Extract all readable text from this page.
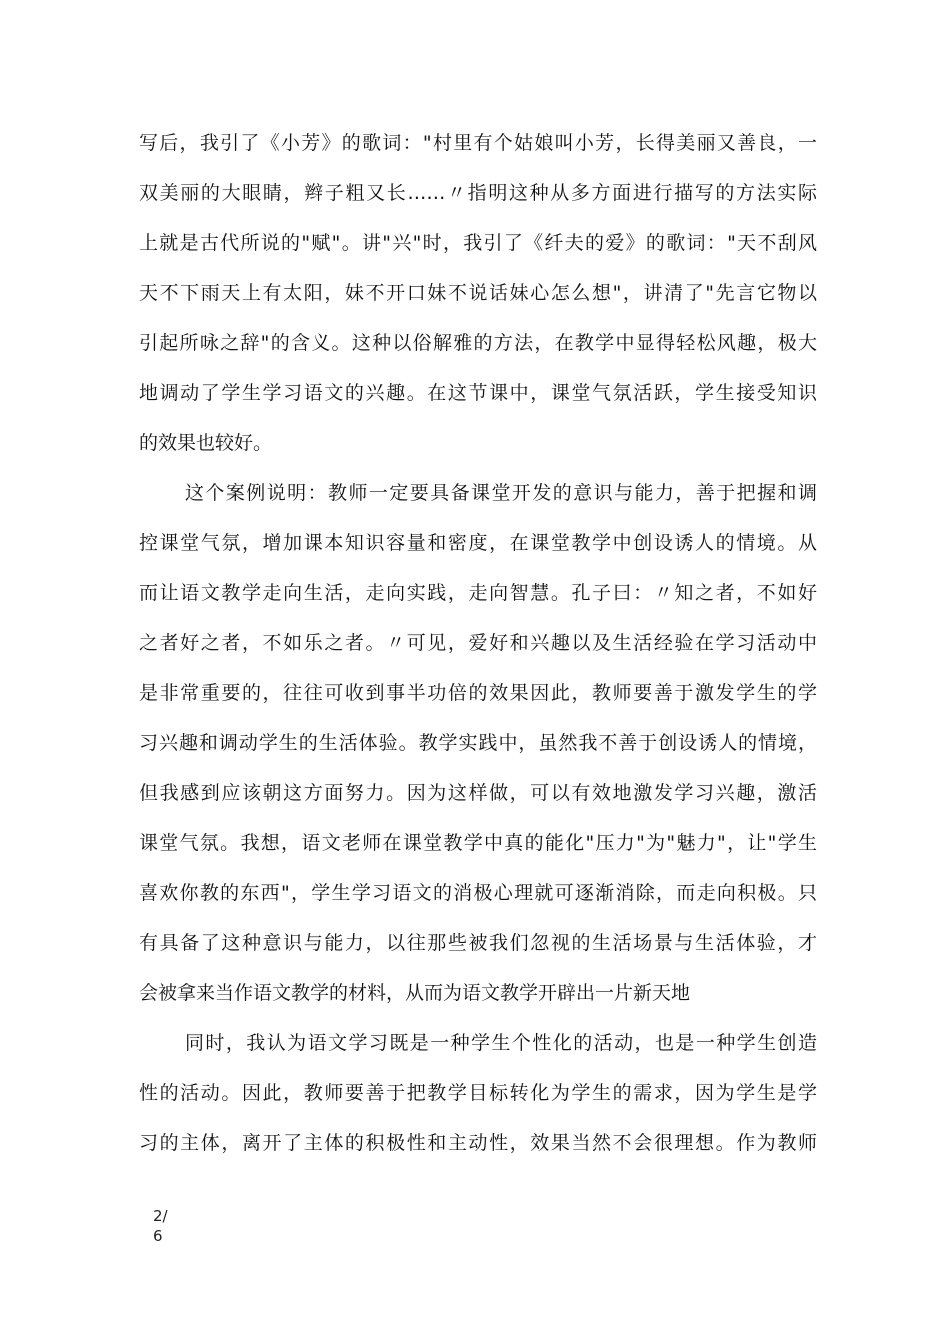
写后，我引了《小芳》的歌词："村里有个姑娘叫小芳，长得美丽又善良，一
双美丽的大眼睛，辫子粗又长……〃指明这种从多方面进行描写的方法实际
上就是古代所说的"赋"。讲"兴"时，我引了《纤夫的爱》的歌词："天不刮风
天不下雨天上有太阳，妹不开口妹不说话妹心怎么想"，讲清了"先言它物以
引起所咏之辞"的含义。这种以俗解雅的方法，在教学中显得轻松风趣，极大
地调动了学生学习语文的兴趣。在这节课中，课堂气氛活跃，学生接受知识
的效果也较好。
这个案例说明：教师一定要具备课堂开发的意识与能力，善于把握和调
控课堂气氛，增加课本知识容量和密度，在课堂教学中创设诱人的情境。从
而让语文教学走向生活，走向实践，走向智慧。孔子曰：〃知之者，不如好
之者好之者，不如乐之者。〃可见，爱好和兴趣以及生活经验在学习活动中
是非常重要的，往往可收到事半功倍的效果因此，教师要善于激发学生的学
习兴趣和调动学生的生活体验。教学实践中，虽然我不善于创设诱人的情境，
但我感到应该朝这方面努力。因为这样做，可以有效地激发学习兴趣，激活
课堂气氛。我想，语文老师在课堂教学中真的能化"压力"为"魅力"，让"学生
喜欢你教的东西"，学生学习语文的消极心理就可逐渐消除，而走向积极。只
有具备了这种意识与能力，以往那些被我们忽视的生活场景与生活体验，才
会被拿来当作语文教学的材料，从而为语文教学开辟出一片新天地
同时，我认为语文学习既是一种学生个性化的活动，也是一种学生创造
性的活动。因此，教师要善于把教学目标转化为学生的需求，因为学生是学
习的主体，离开了主体的积极性和主动性，效果当然不会很理想。作为教师
2/
6
